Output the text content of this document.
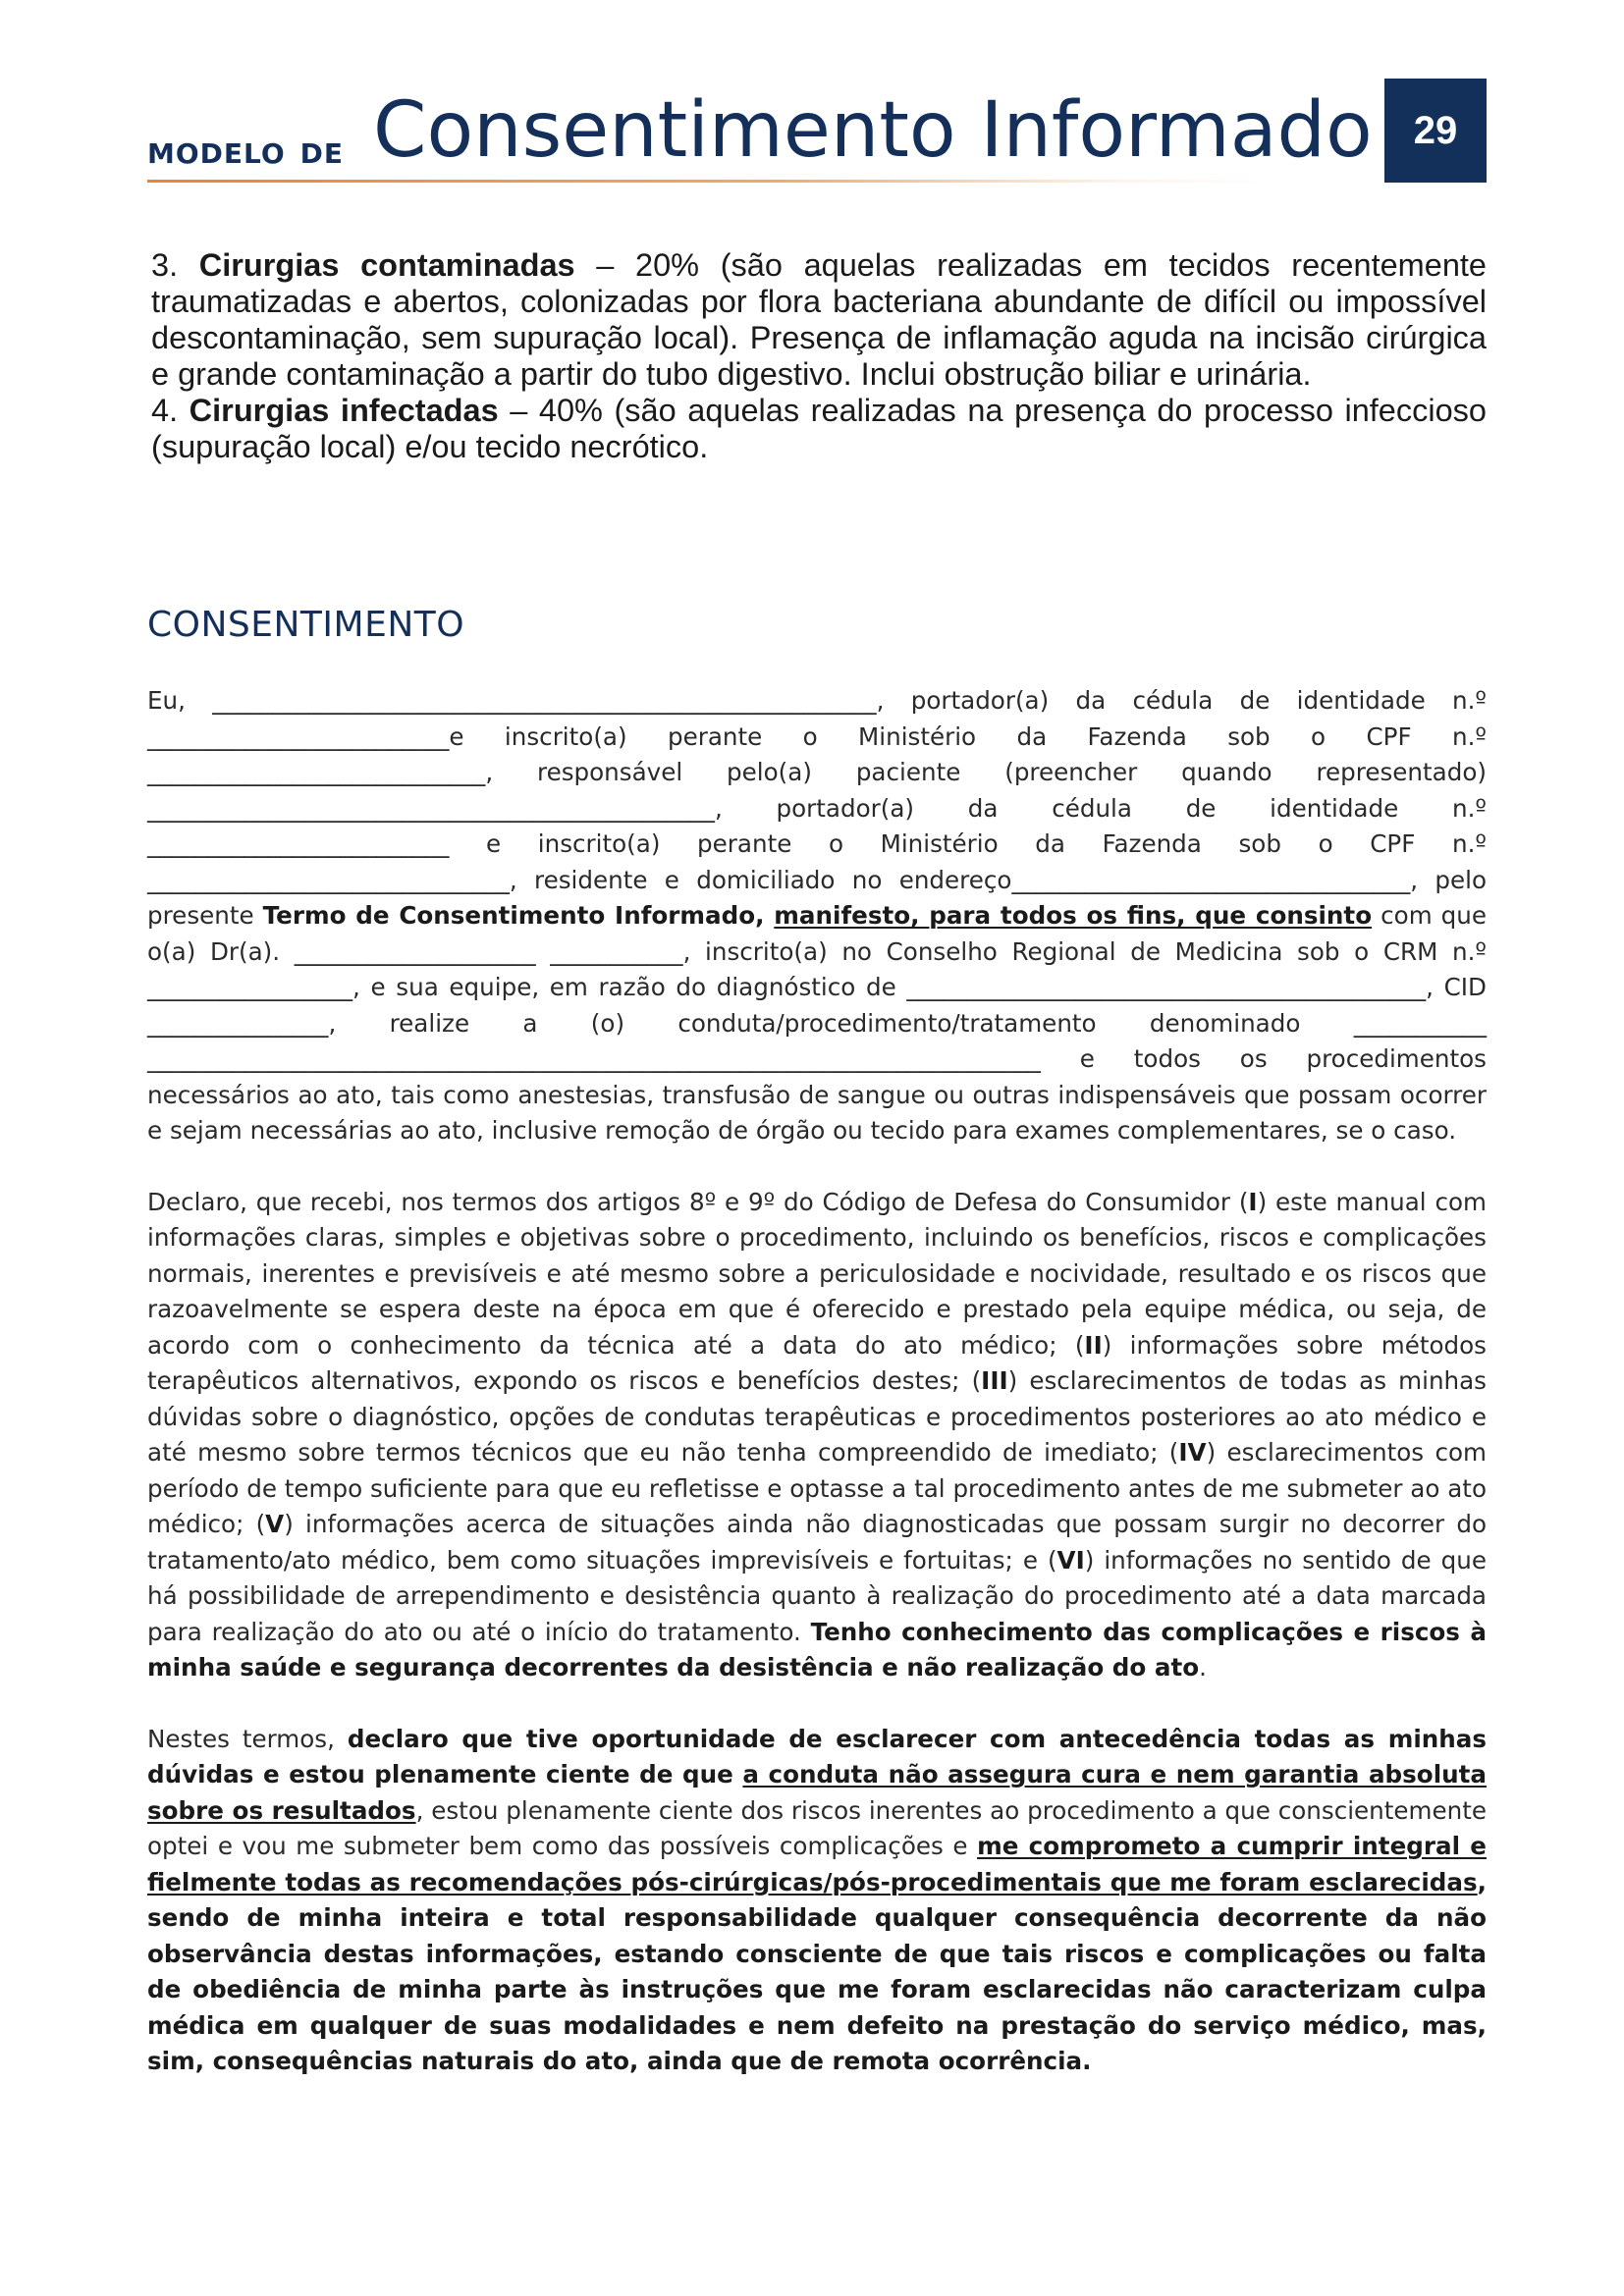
modelo de Consentimento Informado	29

3. Cirurgias contaminadas – 20% (são aquelas realizadas em tecidos recentemente traumatizadas e abertos, colonizadas por flora bacteriana abundante de difícil ou impossível descontaminação, sem supuração local). Presença de inflamação aguda na incisão cirúrgica e grande contaminação a partir do tubo digestivo. Inclui obstrução biliar e urinária.

4. Cirurgias infectadas – 40% (são aquelas realizadas na presença do processo infeccioso (supuração local) e/ou tecido necrótico.

CONSENTIMENTO

Eu, _______________________________________________________, portador(a) da cédula de identidade n.º _________________________e inscrito(a) perante o Ministério da Fazenda sob o CPF n.º ____________________________, responsável pelo(a) paciente (preencher quando representado) _______________________________________________, portador(a) da cédula de identidade n.º _________________________ e inscrito(a) perante o Ministério da Fazenda sob o CPF n.º ______________________________, residente e domiciliado no endereço_________________________________, pelo presente Termo de Consentimento Informado, manifesto, para todos os fins, que consinto com que o(a) Dr(a). ____________________ ___________, inscrito(a) no Conselho Regional de Medicina sob o CRM n.º _________________, e sua equipe, em razão do diagnóstico de ___________________________________________, CID _______________, realize a (o) conduta/procedimento/tratamento denominado ___________ __________________________________________________________________________ e todos os procedimentos necessários ao ato, tais como anestesias, transfusão de sangue ou outras indispensáveis que possam ocorrer e sejam necessárias ao ato, inclusive remoção de órgão ou tecido para exames complementares, se o caso.

Declaro, que recebi, nos termos dos artigos 8º e 9º do Código de Defesa do Consumidor (I) este manual com informações claras, simples e objetivas sobre o procedimento, incluindo os benefícios, riscos e complicações normais, inerentes e previsíveis e até mesmo sobre a periculosidade e nocividade, resultado e os riscos que razoavelmente se espera deste na época em que é oferecido e prestado pela equipe médica, ou seja, de acordo com o conhecimento da técnica até a data do ato médico; (II) informações sobre métodos terapêuticos alternativos, expondo os riscos e benefícios destes; (III) esclarecimentos de todas as minhas dúvidas sobre o diagnóstico, opções de condutas terapêuticas e procedimentos posteriores ao ato médico e até mesmo sobre termos técnicos que eu não tenha compreendido de imediato; (IV) esclarecimentos com período de tempo suficiente para que eu refletisse e optasse a tal procedimento antes de me submeter ao ato médico; (V) informações acerca de situações ainda não diagnosticadas que possam surgir no decorrer do tratamento/ato médico, bem como situações imprevisíveis e fortuitas; e (VI) informações no sentido de que há possibilidade de arrependimento e desistência quanto à realização do procedimento até a data marcada para realização do ato ou até o início do tratamento. Tenho conhecimento das complicações e riscos à minha saúde e segurança decorrentes da desistência e não realização do ato.

Nestes termos, declaro que tive oportunidade de esclarecer com antecedência todas as minhas dúvidas e estou plenamente ciente de que a conduta não assegura cura e nem garantia absoluta sobre os resultados, estou plenamente ciente dos riscos inerentes ao procedimento a que conscientemente optei e vou me submeter bem como das possíveis complicações e me comprometo a cumprir integral e fielmente todas as recomendações pós-cirúrgicas/pós-procedimentais que me foram esclarecidas, sendo de minha inteira e total responsabilidade qualquer consequência decorrente da não observância destas informações, estando consciente de que tais riscos e complicações ou falta de obediência de minha parte às instruções que me foram esclarecidas não caracterizam culpa médica em qualquer de suas modalidades e nem defeito na prestação do serviço médico, mas, sim, consequências naturais do ato, ainda que de remota ocorrência.
